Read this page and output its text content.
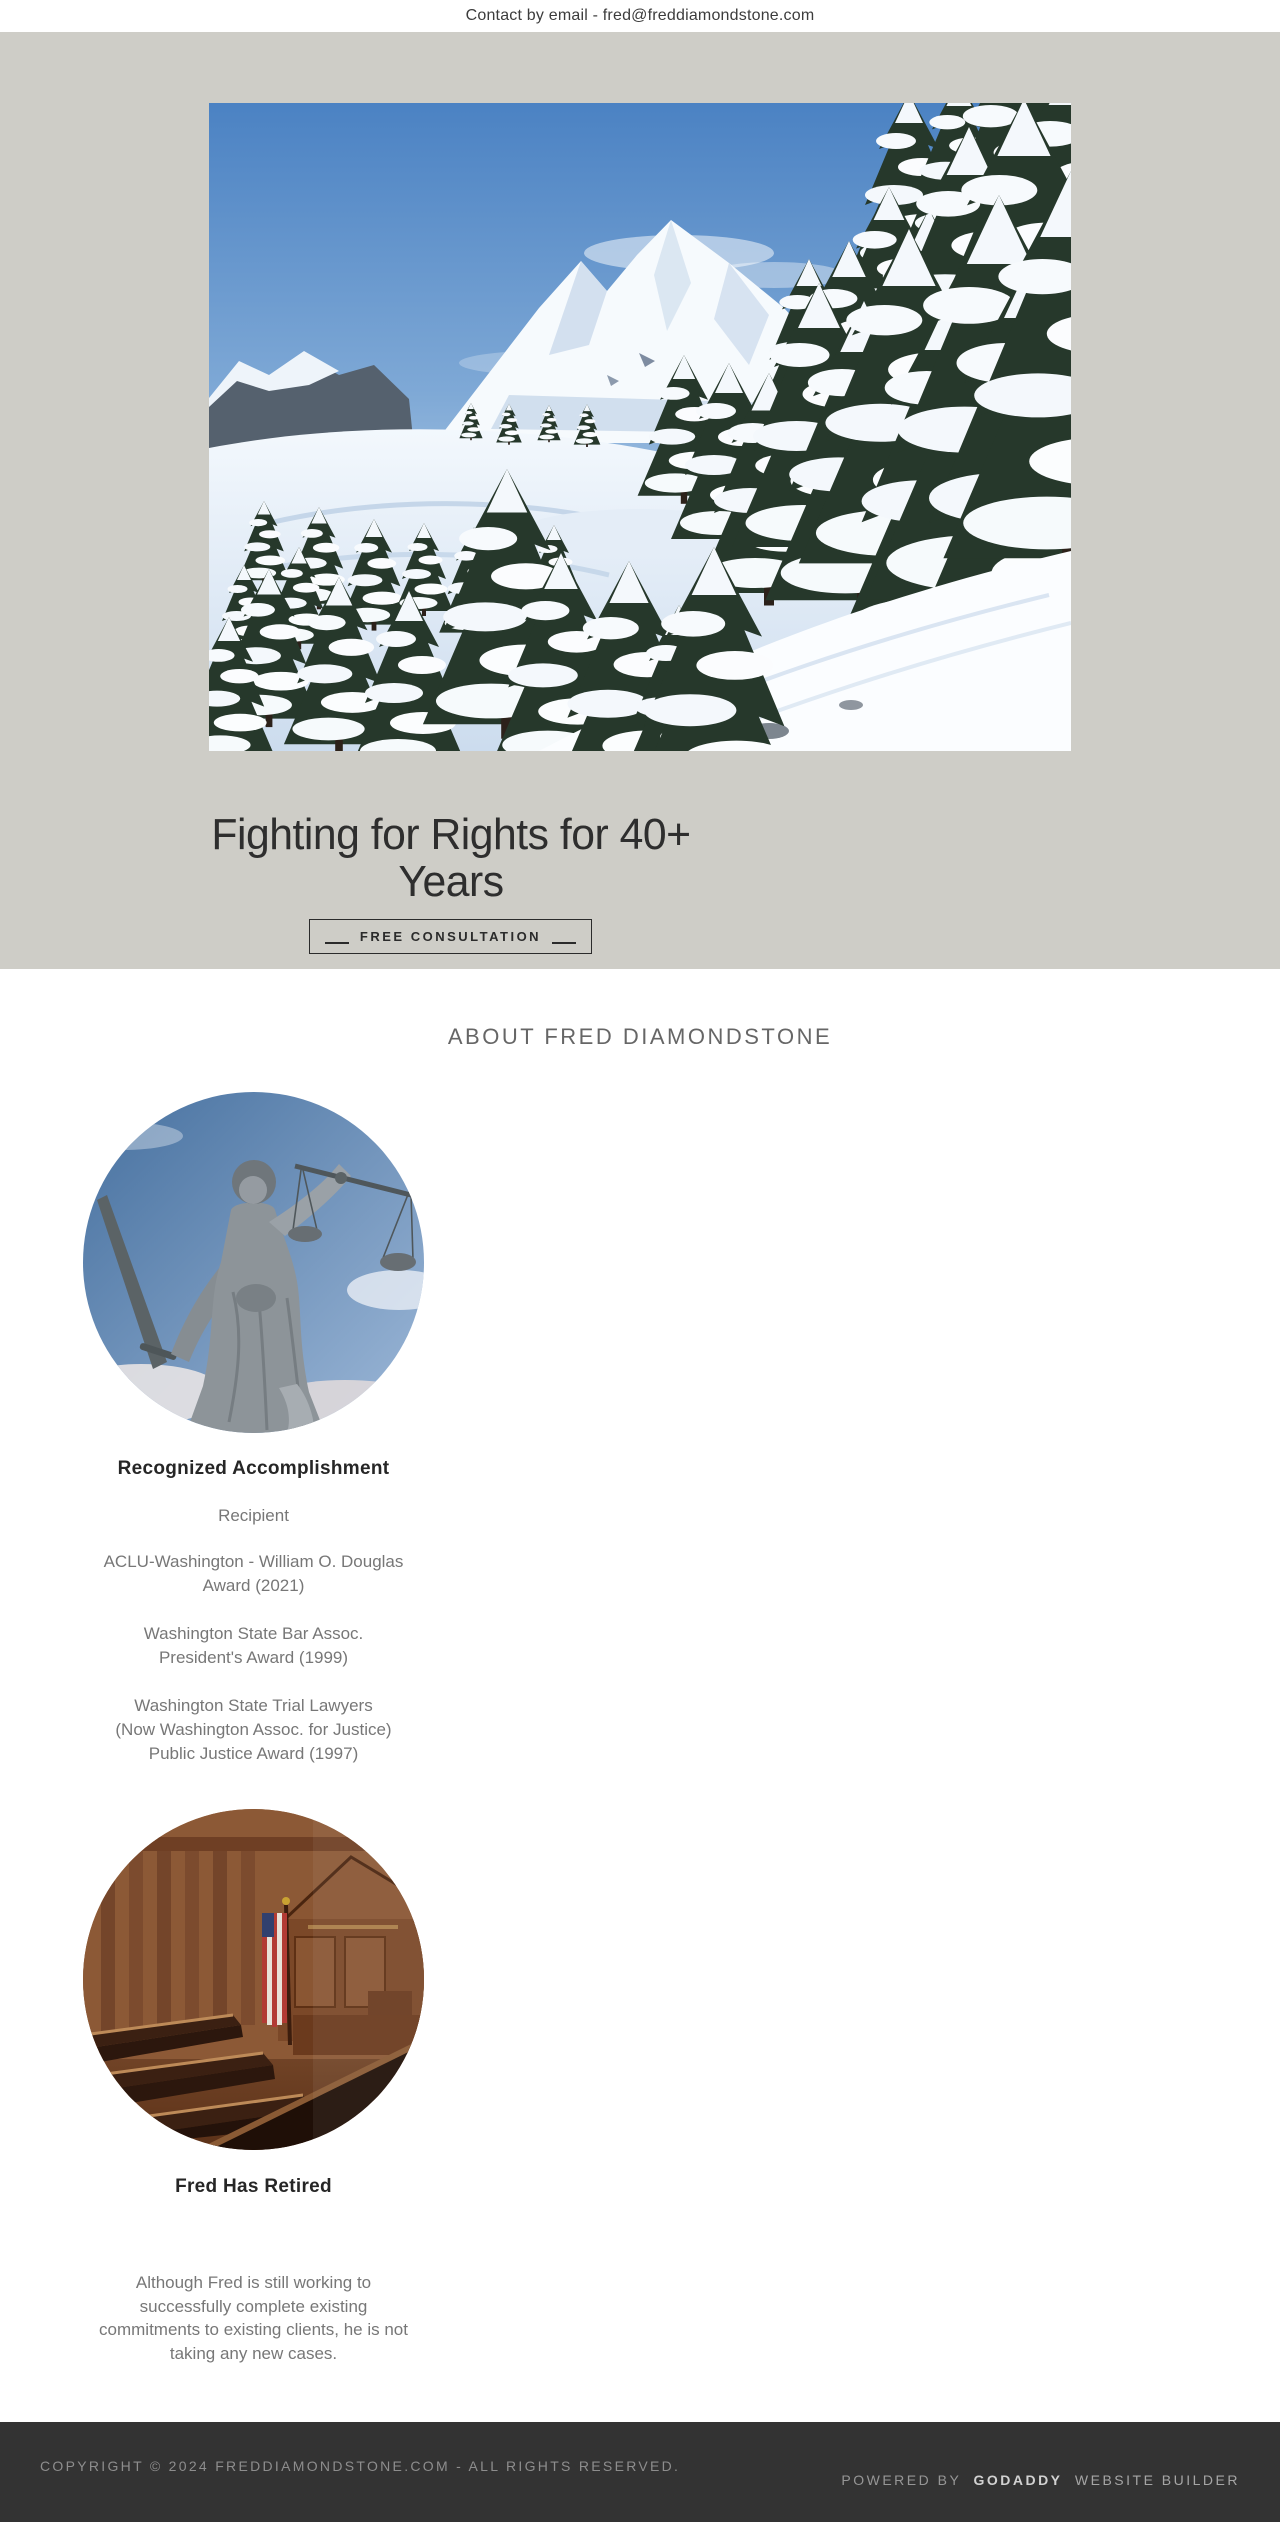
Contact by email - fred@freddiamondstone.com
Fighting for Rights for 40+
Years
FREE CONSULTATION
ABOUT FRED DIAMONDSTONE
Recognized Accomplishment

Recipient

ACLU-Washington - William O. Douglas
Award (2021)
Washington State Bar Assoc.
President's Award (1999)
Washington State Trial Lawyers
(Now Washington Assoc. for Justice)
Public Justice Award (1997)
Fred Has Retired
Although Fred is still working to
successfully complete existing
commitments to existing clients, he is not
taking any new cases.
COPYRIGHT © 2024 FREDDIAMONDSTONE.COM - ALL RIGHTS RESERVED.
POWERED BY GODADDY WEBSITE BUILDER
